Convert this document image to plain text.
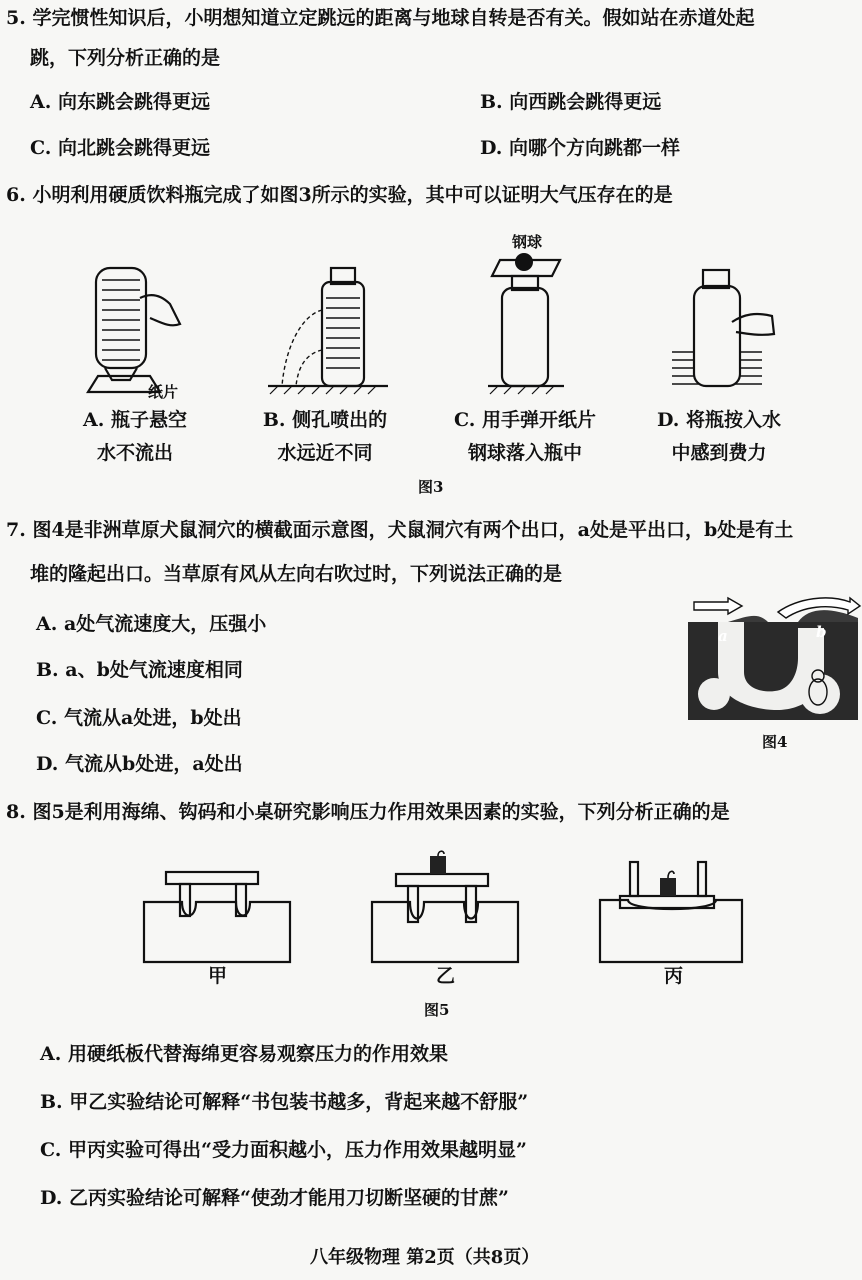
5. 学完惯性知识后，小明想知道立定跳远的距离与地球自转是否有关。假如站在赤道处起
跳，下列分析正确的是
A. 向东跳会跳得更远	B. 向西跳会跳得更远
C. 向北跳会跳得更远	D. 向哪个方向跳都一样
6. 小明利用硬质饮料瓶完成了如图3所示的实验，其中可以证明大气压存在的是
纸片
钢球
A. 瓶子悬空
水不流出
B. 侧孔喷出的
水远近不同
C. 用手弹开纸片
钢球落入瓶中
D. 将瓶按入水
中感到费力
图3
7. 图4是非洲草原犬鼠洞穴的横截面示意图，犬鼠洞穴有两个出口，a处是平出口，b处是有土
堆的隆起出口。当草原有风从左向右吹过时，下列说法正确的是
A. a处气流速度大，压强小
B. a、b处气流速度相同
C. 气流从a处进，b处出
D. 气流从b处进，a处出
a	b
图4
8. 图5是利用海绵、钩码和小桌研究影响压力作用效果因素的实验，下列分析正确的是
甲	乙	丙
图5
A. 用硬纸板代替海绵更容易观察压力的作用效果
B. 甲乙实验结论可解释“书包装书越多，背起来越不舒服”
C. 甲丙实验可得出“受力面积越小，压力作用效果越明显”
D. 乙丙实验结论可解释“使劲才能用刀切断坚硬的甘蔗”
八年级物理 第2页（共8页）
